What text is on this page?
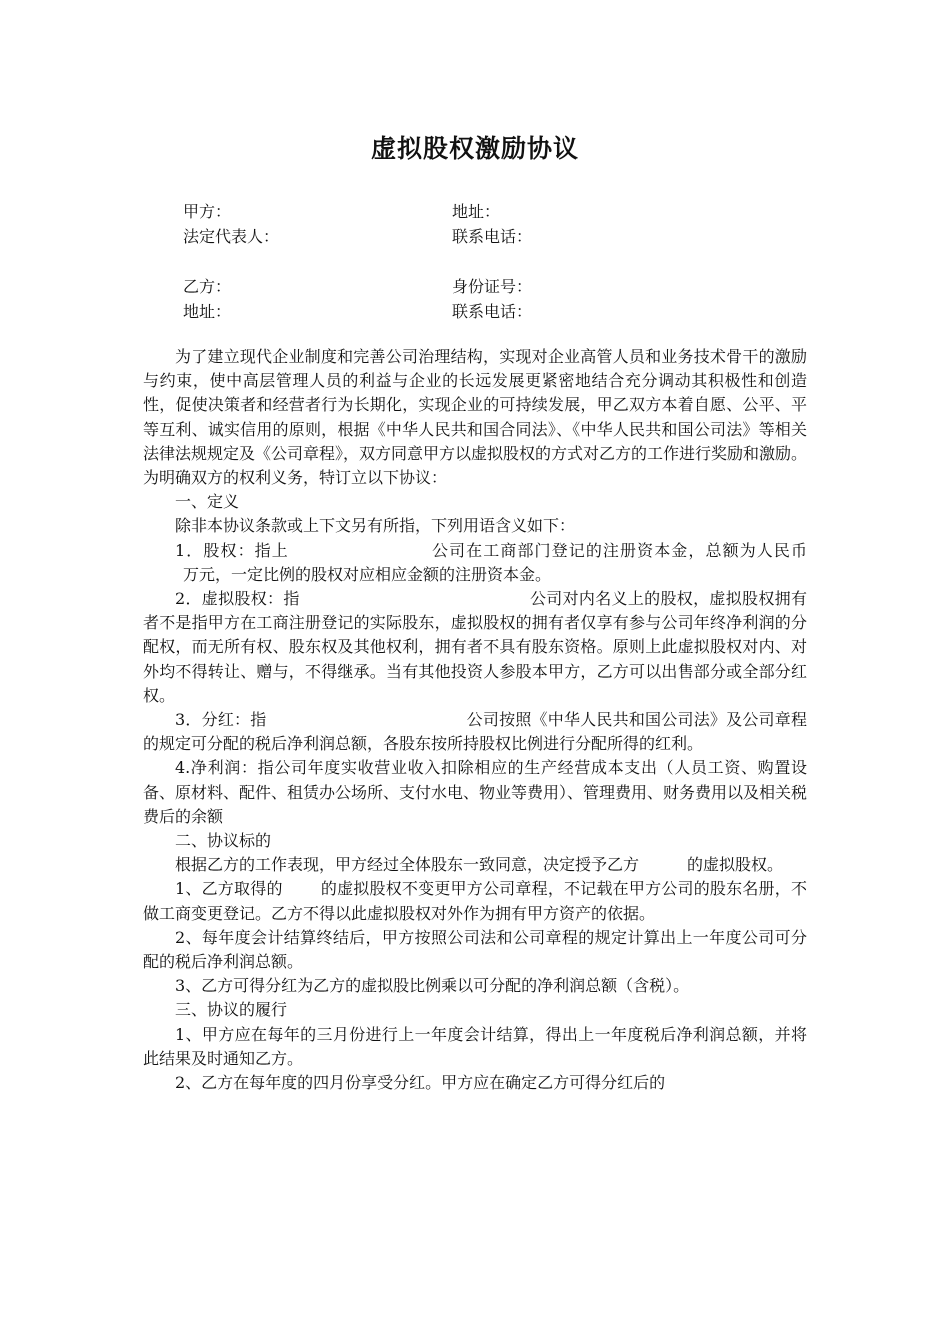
虚拟股权激励协议
甲方：	地址：
法定代表人：	联系电话：
乙方：	身份证号：
地址：	联系电话：

为了建立现代企业制度和完善公司治理结构，实现对企业高管人员和业务技术骨干的激励与约束，使中高层管理人员的利益与企业的长远发展更紧密地结合充分调动其积极性和创造性，促使决策者和经营者行为长期化，实现企业的可持续发展，甲乙双方本着自愿、公平、平等互利、诚实信用的原则，根据《中华人民共和国合同法》、《中华人民共和国公司法》等相关法律法规规定及《公司章程》，双方同意甲方以虚拟股权的方式对乙方的工作进行奖励和激励。为明确双方的权利义务，特订立以下协议：

一、定义

除非本协议条款或上下文另有所指，下列用语含义如下：

1．股权：指上	公司在工商部门登记的注册资本金，总额为人民币万元，一定比例的股权对应相应金额的注册资本金。

2．虚拟股权：指	公司对内名义上的股权，虚拟股权拥有者不是指甲方在工商注册登记的实际股东，虚拟股权的拥有者仅享有参与公司年终净利润的分配权，而无所有权、股东权及其他权利，拥有者不具有股东资格。原则上此虚拟股权对内、对外均不得转让、赠与，不得继承。当有其他投资人参股本甲方，乙方可以出售部分或全部分红权。

3．分红：指	公司按照《中华人民共和国公司法》及公司章程的规定可分配的税后净利润总额，各股东按所持股权比例进行分配所得的红利。

4.净利润：指公司年度实收营业收入扣除相应的生产经营成本支出（人员工资、购置设备、原材料、配件、租赁办公场所、支付水电、物业等费用）、管理费用、财务费用以及相关税费后的余额

二、协议标的

根据乙方的工作表现，甲方经过全体股东一致同意，决定授予乙方	的虚拟股权。

1、乙方取得的 的虚拟股权不变更甲方公司章程，不记载在甲方公司的股东名册，不做工商变更登记。乙方不得以此虚拟股权对外作为拥有甲方资产的依据。

2、每年度会计结算终结后，甲方按照公司法和公司章程的规定计算出上一年度公司可分配的税后净利润总额。

3、乙方可得分红为乙方的虚拟股比例乘以可分配的净利润总额（含税）。

三、协议的履行

1、甲方应在每年的三月份进行上一年度会计结算，得出上一年度税后净利润总额，并将此结果及时通知乙方。

2、乙方在每年度的四月份享受分红。甲方应在确定乙方可得分红后的
